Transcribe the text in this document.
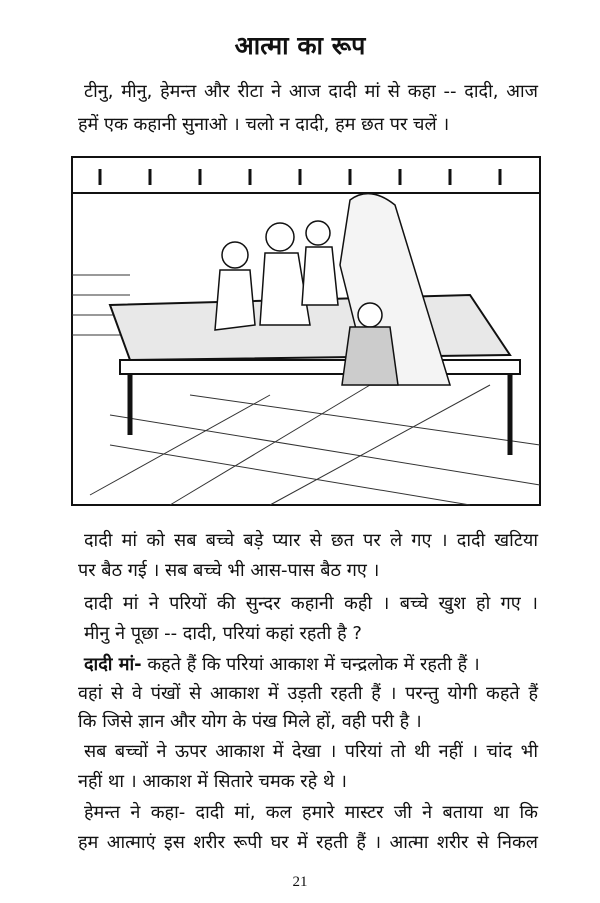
आत्मा का रूप
टीनु, मीनु, हेमन्त और रीटा ने आज दादी मां से कहा -- दादी, आज
हमें एक कहानी सुनाओ । चलो न दादी, हम छत पर चलें ।
दादी मां को सब बच्चे बड़े प्यार से छत पर ले गए । दादी खटिया
पर बैठ गई । सब बच्चे भी आस-पास बैठ गए ।
दादी मां ने परियों की सुन्दर कहानी कही । बच्चे खुश हो गए ।
मीनु ने पूछा -- दादी, परियां कहां रहती है ?
दादी मां- कहते हैं कि परियां आकाश में चन्द्रलोक में रहती हैं ।
वहां से वे पंखों से आकाश में उड़ती रहती हैं । परन्तु योगी कहते हैं
कि जिसे ज्ञान और योग के पंख मिले हों, वही परी है ।
सब बच्चों ने ऊपर आकाश में देखा । परियां तो थी नहीं । चांद भी
नहीं था । आकाश में सितारे चमक रहे थे ।
हेमन्त ने कहा- दादी मां, कल हमारे मास्टर जी ने बताया था कि
हम आत्माएं इस शरीर रूपी घर में रहती हैं । आत्मा शरीर से निकल
21
